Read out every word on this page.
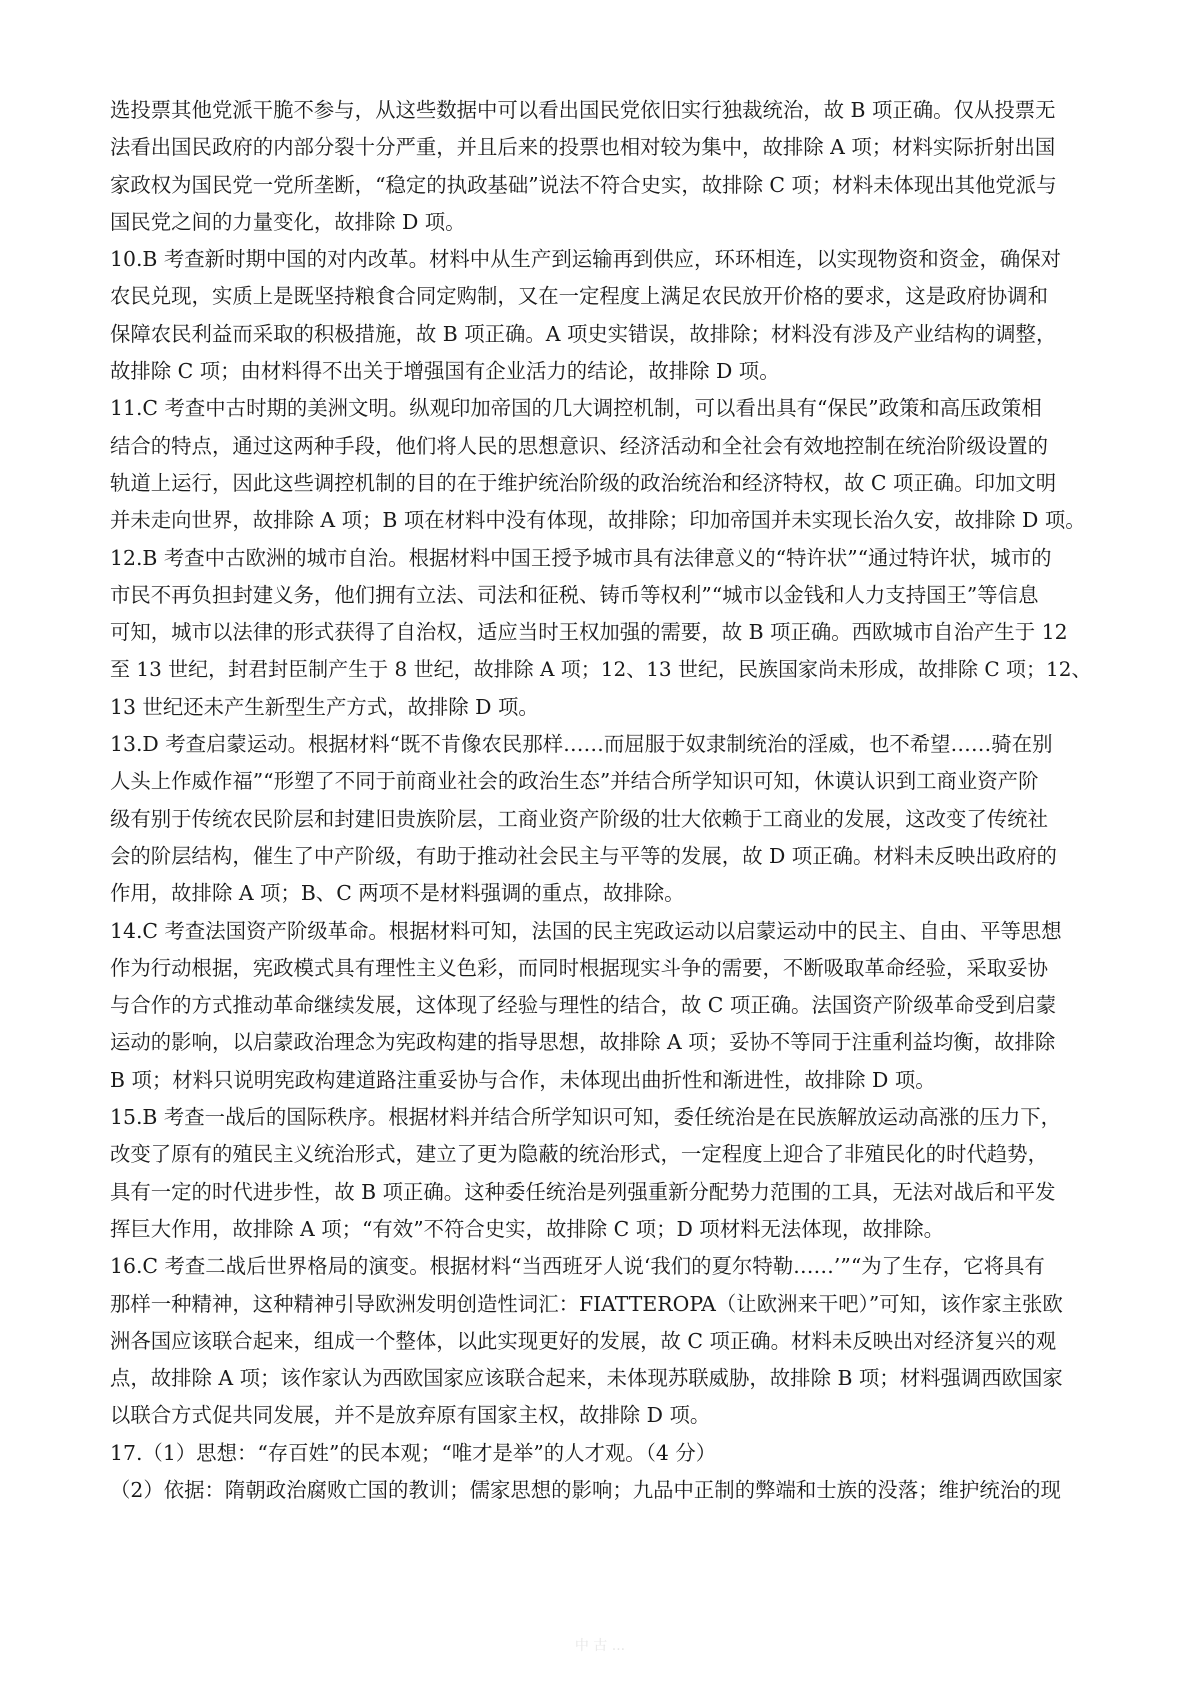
选投票其他党派干脆不参与，从这些数据中可以看出国民党依旧实行独裁统治，故 B 项正确。仅从投票无
法看出国民政府的内部分裂十分严重，并且后来的投票也相对较为集中，故排除 A 项；材料实际折射出国
家政权为国民党一党所垄断，“稳定的执政基础”说法不符合史实，故排除 C 项；材料未体现出其他党派与
国民党之间的力量变化，故排除 D 项。
10.B 考查新时期中国的对内改革。材料中从生产到运输再到供应，环环相连，以实现物资和资金，确保对
农民兑现，实质上是既坚持粮食合同定购制，又在一定程度上满足农民放开价格的要求，这是政府协调和
保障农民利益而采取的积极措施，故 B 项正确。A 项史实错误，故排除；材料没有涉及产业结构的调整，
故排除 C 项；由材料得不出关于增强国有企业活力的结论，故排除 D 项。
11.C 考查中古时期的美洲文明。纵观印加帝国的几大调控机制，可以看出具有“保民”政策和高压政策相
结合的特点，通过这两种手段，他们将人民的思想意识、经济活动和全社会有效地控制在统治阶级设置的
轨道上运行，因此这些调控机制的目的在于维护统治阶级的政治统治和经济特权，故 C 项正确。印加文明
并未走向世界，故排除 A 项；B 项在材料中没有体现，故排除；印加帝国并未实现长治久安，故排除 D 项。
12.B 考查中古欧洲的城市自治。根据材料中国王授予城市具有法律意义的“特许状”“通过特许状，城市的
市民不再负担封建义务，他们拥有立法、司法和征税、铸币等权利”“城市以金钱和人力支持国王”等信息
可知，城市以法律的形式获得了自治权，适应当时王权加强的需要，故 B 项正确。西欧城市自治产生于 12
至 13 世纪，封君封臣制产生于 8 世纪，故排除 A 项；12、13 世纪，民族国家尚未形成，故排除 C 项；12、
13 世纪还未产生新型生产方式，故排除 D 项。
13.D 考查启蒙运动。根据材料“既不肯像农民那样……而屈服于奴隶制统治的淫威，也不希望……骑在别
人头上作威作福”“形塑了不同于前商业社会的政治生态”并结合所学知识可知，休谟认识到工商业资产阶
级有别于传统农民阶层和封建旧贵族阶层，工商业资产阶级的壮大依赖于工商业的发展，这改变了传统社
会的阶层结构，催生了中产阶级，有助于推动社会民主与平等的发展，故 D 项正确。材料未反映出政府的
作用，故排除 A 项；B、C 两项不是材料强调的重点，故排除。
14.C 考查法国资产阶级革命。根据材料可知，法国的民主宪政运动以启蒙运动中的民主、自由、平等思想
作为行动根据，宪政模式具有理性主义色彩，而同时根据现实斗争的需要，不断吸取革命经验，采取妥协
与合作的方式推动革命继续发展，这体现了经验与理性的结合，故 C 项正确。法国资产阶级革命受到启蒙
运动的影响，以启蒙政治理念为宪政构建的指导思想，故排除 A 项；妥协不等同于注重利益均衡，故排除
B 项；材料只说明宪政构建道路注重妥协与合作，未体现出曲折性和渐进性，故排除 D 项。
15.B 考查一战后的国际秩序。根据材料并结合所学知识可知，委任统治是在民族解放运动高涨的压力下，
改变了原有的殖民主义统治形式，建立了更为隐蔽的统治形式，一定程度上迎合了非殖民化的时代趋势，
具有一定的时代进步性，故 B 项正确。这种委任统治是列强重新分配势力范围的工具，无法对战后和平发
挥巨大作用，故排除 A 项；“有效”不符合史实，故排除 C 项；D 项材料无法体现，故排除。
16.C 考查二战后世界格局的演变。根据材料“当西班牙人说‘我们的夏尔特勒……’”“为了生存，它将具有
那样一种精神，这种精神引导欧洲发明创造性词汇：FIATTEROPA（让欧洲来干吧）”可知，该作家主张欧
洲各国应该联合起来，组成一个整体，以此实现更好的发展，故 C 项正确。材料未反映出对经济复兴的观
点，故排除 A 项；该作家认为西欧国家应该联合起来，未体现苏联威胁，故排除 B 项；材料强调西欧国家
以联合方式促共同发展，并不是放弃原有国家主权，故排除 D 项。
17.（1）思想：“存百姓”的民本观；“唯才是举”的人才观。（4 分）
（2）依据：隋朝政治腐败亡国的教训；儒家思想的影响；九品中正制的弊端和士族的没落；维护统治的现
中 古 ...
